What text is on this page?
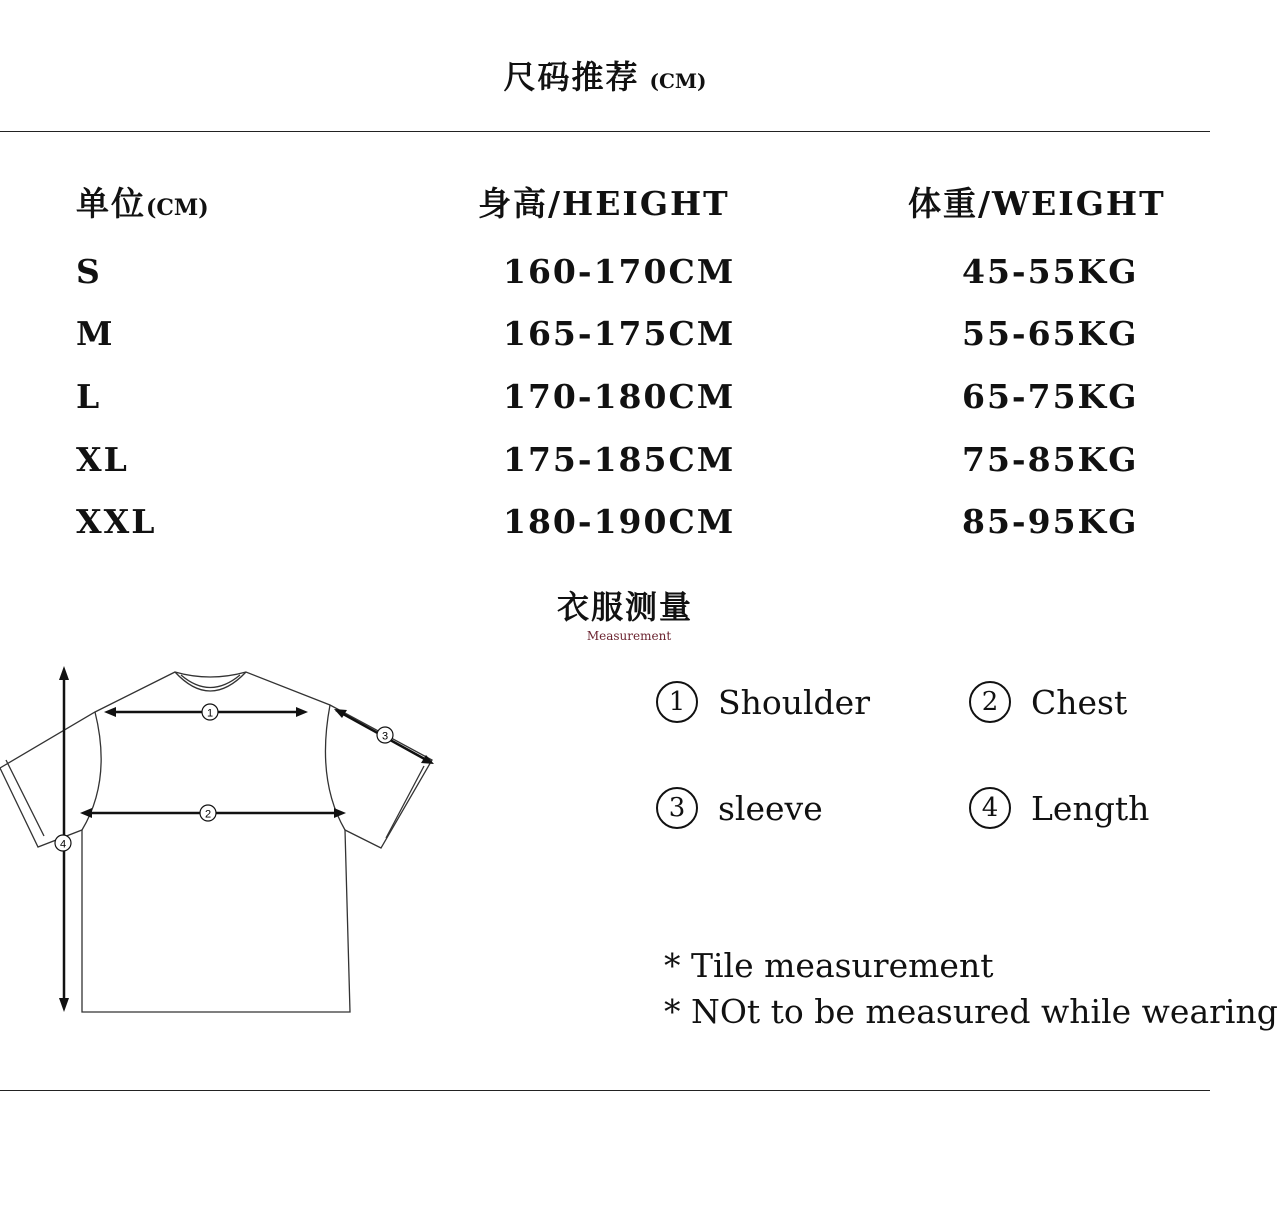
尺码推荐 (CM)
单位(CM)	身高/HEIGHT	体重/WEIGHT
S	160-170CM	45-55KG
M	165-175CM	55-65KG
L	170-180CM	65-75KG
XL	175-185CM	75-85KG
XXL	180-190CM	85-95KG
衣服测量
Measurement
1
2
3
4
1 Shoulder	2 Chest
3 sleeve	4 Length
* Tile measurement
* NOt to be measured while wearing
